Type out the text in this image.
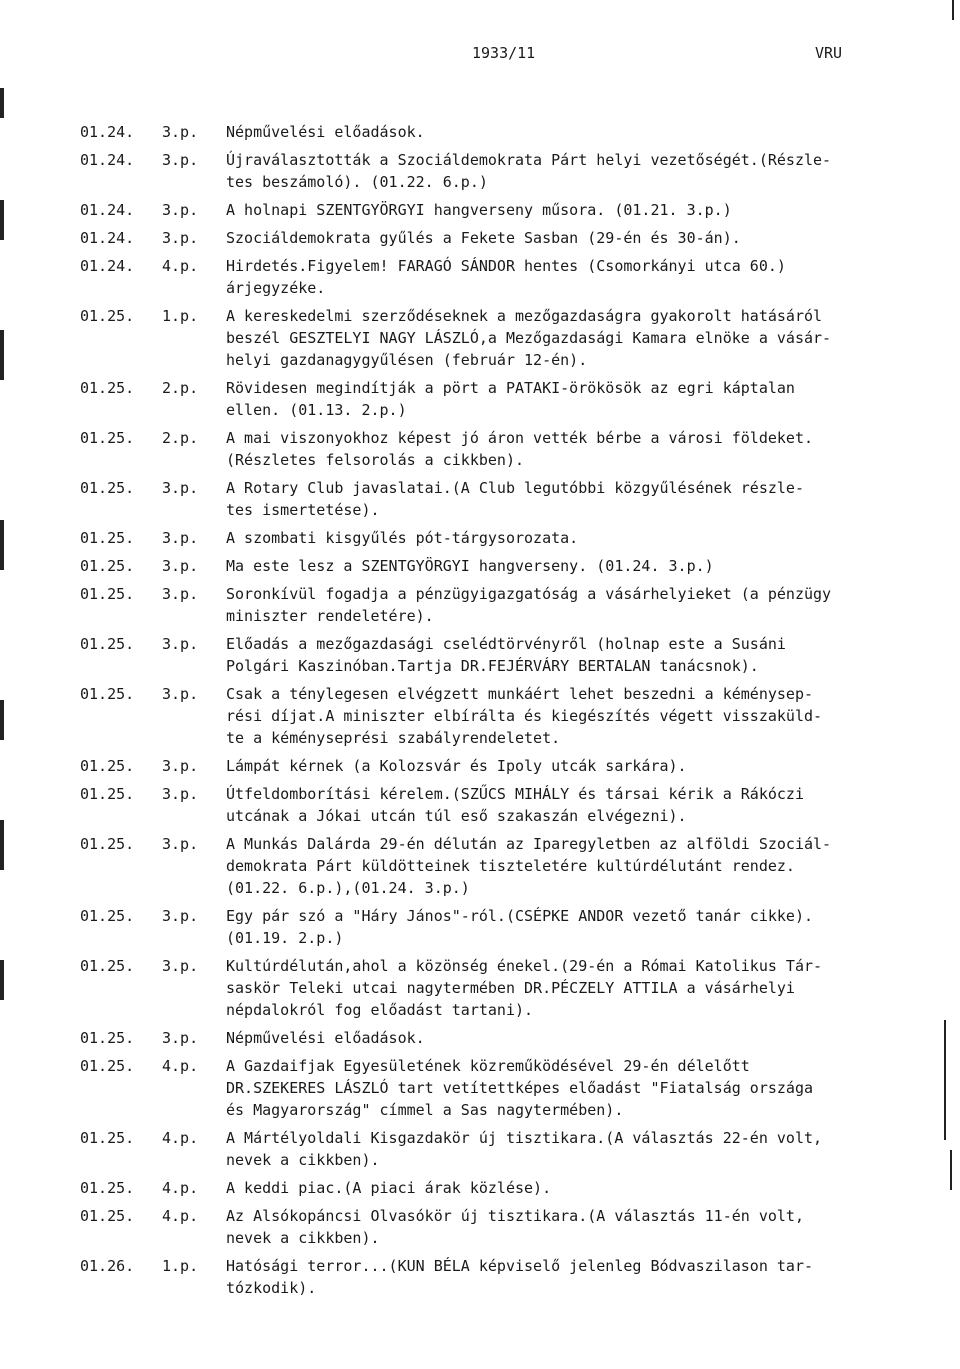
1933/11	VRU
01.24.	3.p.	Népművelési előadások.
01.24.	3.p.	Újraválasztották a Szociáldemokrata Párt helyi vezetőségét.(Részle-
tes beszámoló). (01.22. 6.p.)
01.24.	3.p.	A holnapi SZENTGYÖRGYI hangverseny műsora. (01.21. 3.p.)
01.24.	3.p.	Szociáldemokrata gyűlés a Fekete Sasban (29-én és 30-án).
01.24.	4.p.	Hirdetés.Figyelem! FARAGÓ SÁNDOR hentes (Csomorkányi utca 60.)
árjegyzéke.
01.25.	1.p.	A kereskedelmi szerződéseknek a mezőgazdaságra gyakorolt hatásáról
beszél GESZTELYI NAGY LÁSZLÓ,a Mezőgazdasági Kamara elnöke a vásár-
helyi gazdanagygyűlésen (február 12-én).
01.25.	2.p.	Rövidesen megindítják a pört a PATAKI-örökösök az egri káptalan
ellen. (01.13. 2.p.)
01.25.	2.p.	A mai viszonyokhoz képest jó áron vették bérbe a városi földeket.
(Részletes felsorolás a cikkben).
01.25.	3.p.	A Rotary Club javaslatai.(A Club legutóbbi közgyűlésének részle-
tes ismertetése).
01.25.	3.p.	A szombati kisgyűlés pót-tárgysorozata.
01.25.	3.p.	Ma este lesz a SZENTGYÖRGYI hangverseny. (01.24. 3.p.)
01.25.	3.p.	Soronkívül fogadja a pénzügyigazgatóság a vásárhelyieket (a pénzügy
miniszter rendeletére).
01.25.	3.p.	Előadás a mezőgazdasági cselédtörvényről (holnap este a Susáni
Polgári Kaszinóban.Tartja DR.FEJÉRVÁRY BERTALAN tanácsnok).
01.25.	3.p.	Csak a ténylegesen elvégzett munkáért lehet beszedni a kéménysep-
rési díjat.A miniszter elbírálta és kiegészítés végett visszaküld-
te a kéményseprési szabályrendeletet.
01.25.	3.p.	Lámpát kérnek (a Kolozsvár és Ipoly utcák sarkára).
01.25.	3.p.	Útfeldomborítási kérelem.(SZŰCS MIHÁLY és társai kérik a Rákóczi
utcának a Jókai utcán túl eső szakaszán elvégezni).
01.25.	3.p.	A Munkás Dalárda 29-én délután az Iparegyletben az alföldi Szociál-
demokrata Párt küldötteinek tiszteletére kultúrdélutánt rendez.
(01.22. 6.p.),(01.24. 3.p.)
01.25.	3.p.	Egy pár szó a "Háry János"-ról.(CSÉPKE ANDOR vezető tanár cikke).
(01.19. 2.p.)
01.25.	3.p.	Kultúrdélután,ahol a közönség énekel.(29-én a Római Katolikus Tár-
saskör Teleki utcai nagytermében DR.PÉCZELY ATTILA a vásárhelyi
népdalokról fog előadást tartani).
01.25.	3.p.	Népművelési előadások.
01.25.	4.p.	A Gazdaifjak Egyesületének közreműködésével 29-én délelőtt
DR.SZEKERES LÁSZLÓ tart vetítettképes előadást "Fiatalság országa
és Magyarország" címmel a Sas nagytermében).
01.25.	4.p.	A Mártélyoldali Kisgazdakör új tisztikara.(A választás 22-én volt,
nevek a cikkben).
01.25.	4.p.	A keddi piac.(A piaci árak közlése).
01.25.	4.p.	Az Alsókopáncsi Olvasókör új tisztikara.(A választás 11-én volt,
nevek a cikkben).
01.26.	1.p.	Hatósági terror...(KUN BÉLA képviselő jelenleg Bódvaszilason tar-
tózkodik).
